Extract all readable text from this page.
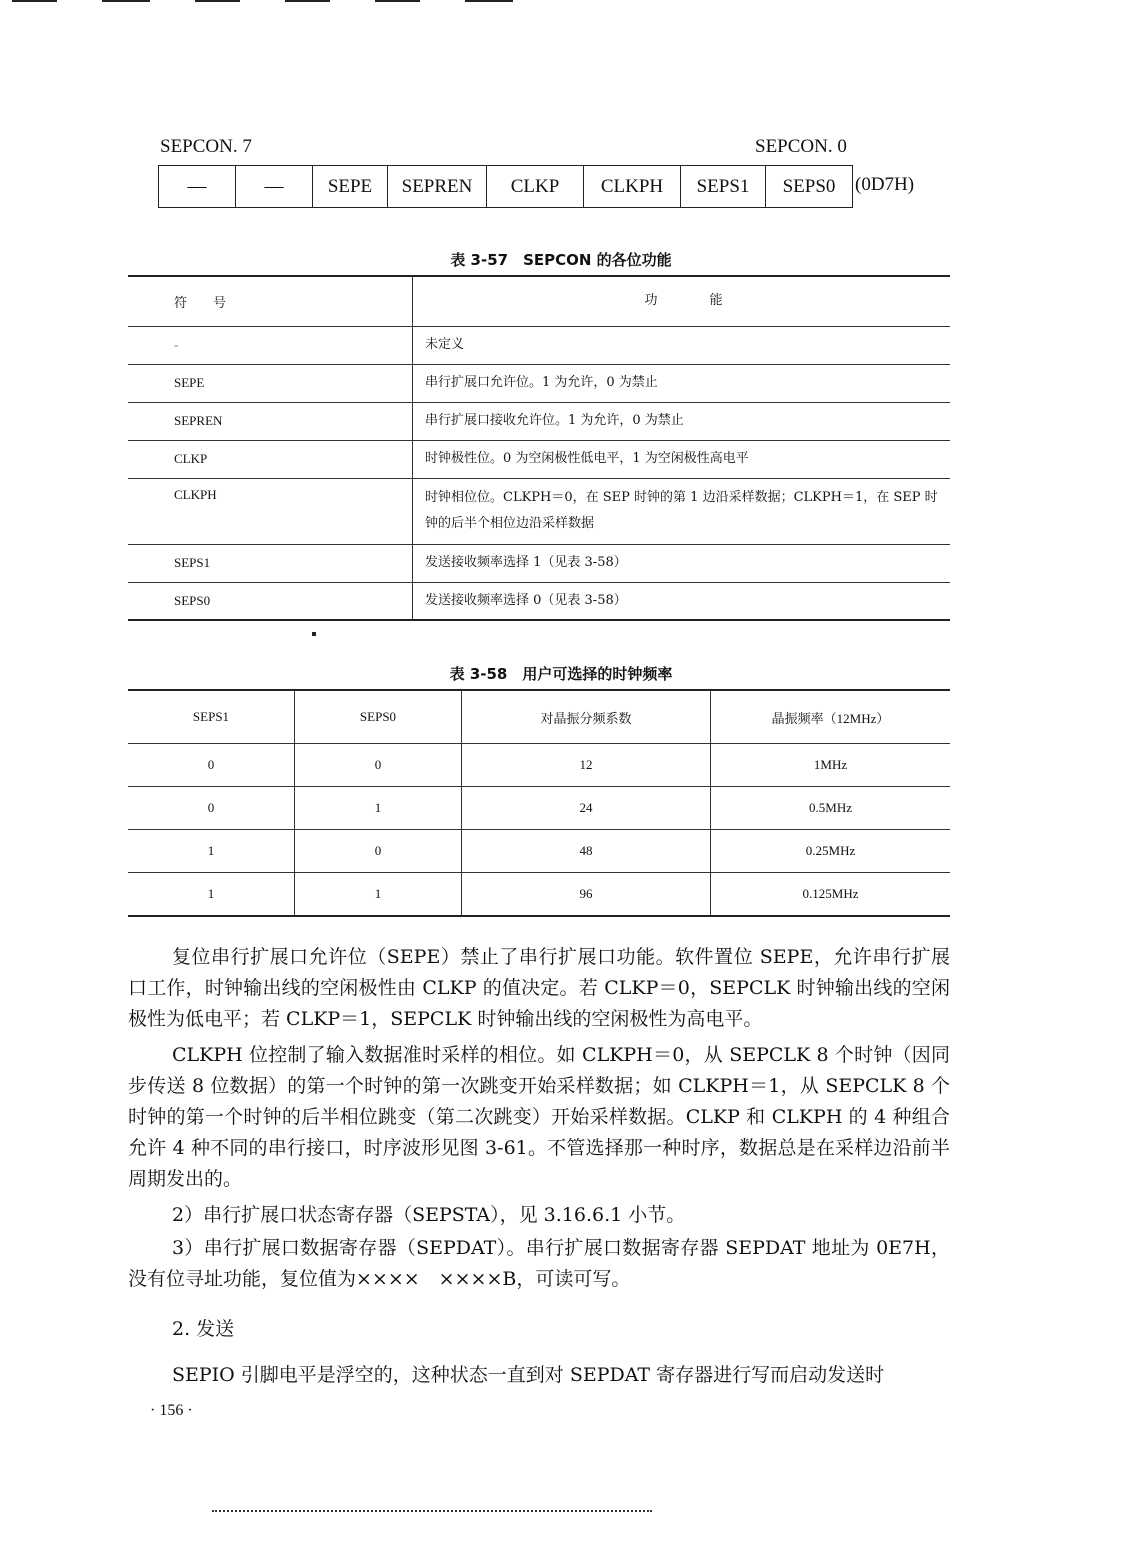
SEPCON. 7	SEPCON. 0
—	—	SEPE	SEPREN	CLKP	CLKPH	SEPS1	SEPS0 (0D7H)
表 3-57　SEPCON 的各位功能
符　　号	功　　　　能
-	未定义
SEPE	串行扩展口允许位。1 为允许，0 为禁止
SEPREN	串行扩展口接收允许位。1 为允许，0 为禁止
CLKP	时钟极性位。0 为空闲极性低电平，1 为空闲极性高电平
CLKPH	时钟相位位。CLKPH＝0，在 SEP 时钟的第 1 边沿采样数据；CLKPH＝1，在 SEP 时钟的后半个相位边沿采样数据
SEPS1	发送接收频率选择 1（见表 3-58）
SEPS0	发送接收频率选择 0（见表 3-58）
表 3-58　用户可选择的时钟频率
SEPS1	SEPS0	对晶振分频系数	晶振频率（12MHz）
0	0	12	1MHz
0	1	24	0.5MHz
1	0	48	0.25MHz
1	1	96	0.125MHz
复位串行扩展口允许位（SEPE）禁止了串行扩展口功能。软件置位 SEPE，允许串行扩展口工作，时钟输出线的空闲极性由 CLKP 的值决定。若 CLKP＝0，SEPCLK 时钟输出线的空闲极性为低电平；若 CLKP＝1，SEPCLK 时钟输出线的空闲极性为高电平。
CLKPH 位控制了输入数据准时采样的相位。如 CLKPH＝0，从 SEPCLK 8 个时钟（因同步传送 8 位数据）的第一个时钟的第一次跳变开始采样数据；如 CLKPH＝1，从 SEPCLK 8 个时钟的第一个时钟的后半相位跳变（第二次跳变）开始采样数据。CLKP 和 CLKPH 的 4 种组合允许 4 种不同的串行接口，时序波形见图 3-61。不管选择那一种时序，数据总是在采样边沿前半周期发出的。
2）串行扩展口状态寄存器（SEPSTA），见 3.16.6.1 小节。
3）串行扩展口数据寄存器（SEPDAT）。串行扩展口数据寄存器 SEPDAT 地址为 0E7H，没有位寻址功能，复位值为××××　××××B，可读可写。
2. 发送
SEPIO 引脚电平是浮空的，这种状态一直到对 SEPDAT 寄存器进行写而启动发送时
· 156 ·
